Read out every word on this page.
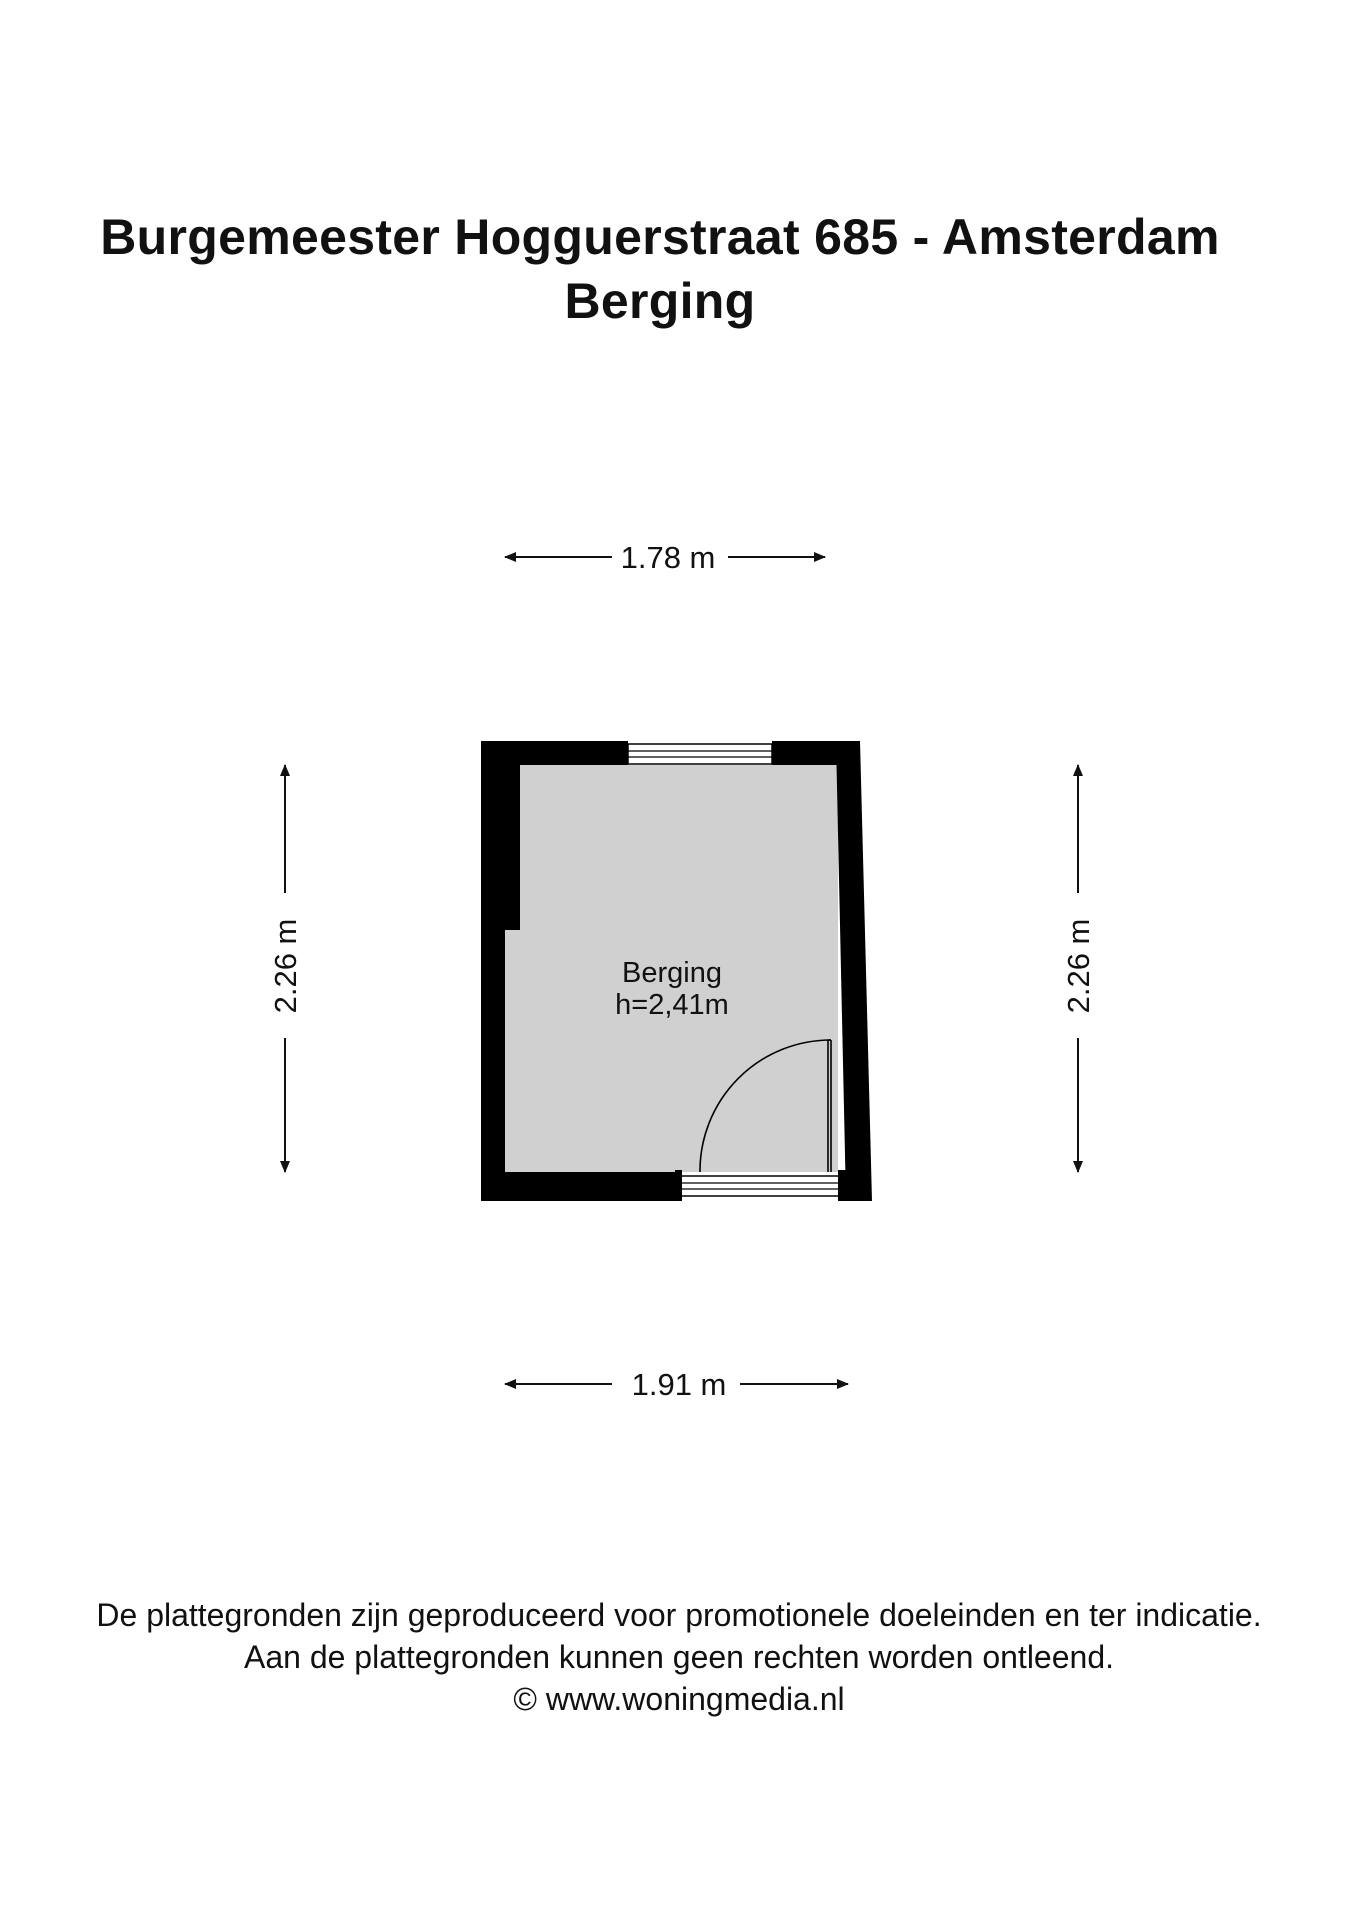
Burgemeester Hogguerstraat 685 - Amsterdam
Berging
Berging
h=2,41m
1.78 m
1.91 m
2.26 m	2.26 m
De plattegronden zijn geproduceerd voor promotionele doeleinden en ter indicatie.
Aan de plattegronden kunnen geen rechten worden ontleend.
© www.woningmedia.nl
